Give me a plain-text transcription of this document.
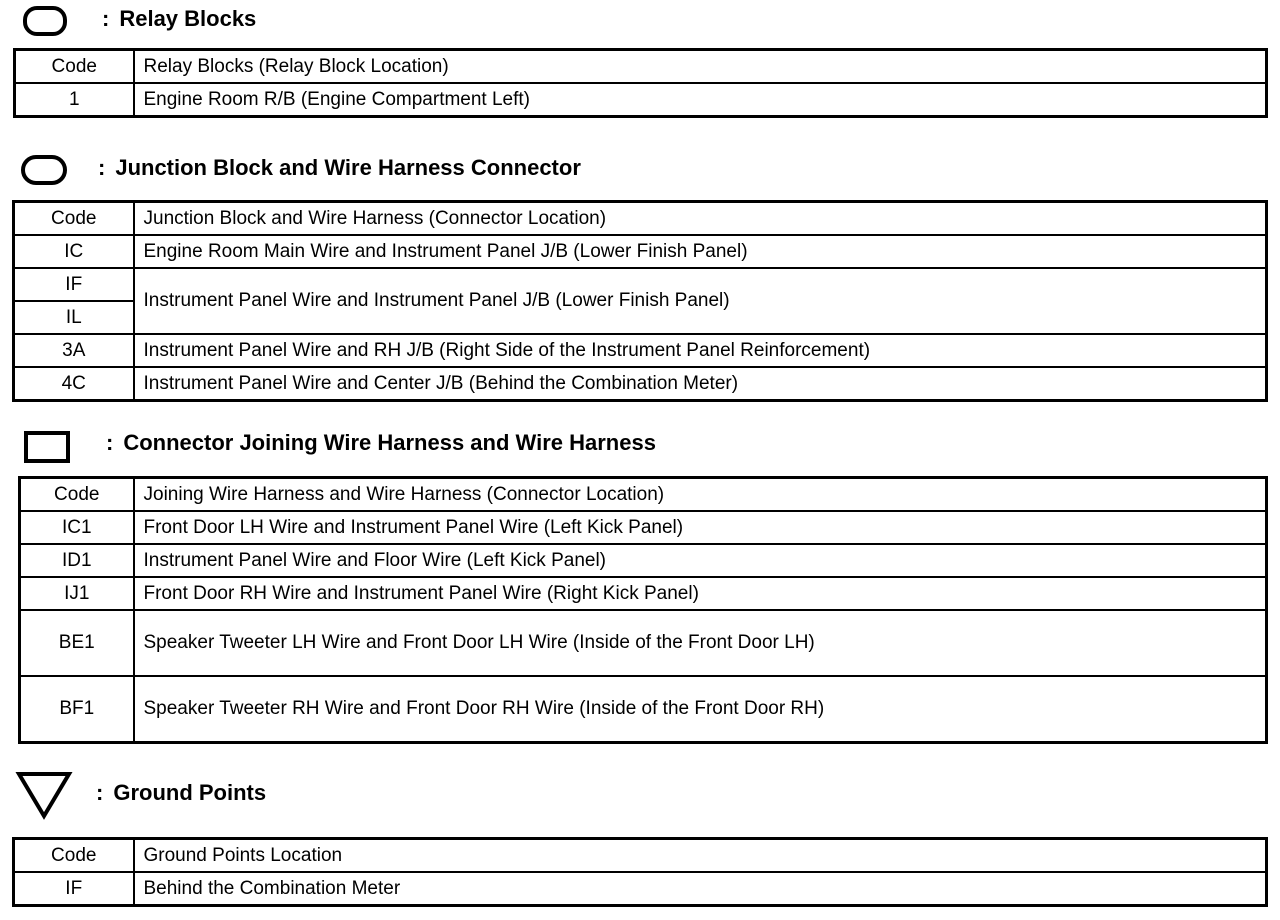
: Relay Blocks
Code	Relay Blocks (Relay Block Location)
1	Engine Room R/B (Engine Compartment Left)
: Junction Block and Wire Harness Connector
Code	Junction Block and Wire Harness (Connector Location)
IC	Engine Room Main Wire and Instrument Panel J/B (Lower Finish Panel)
IF	Instrument Panel Wire and Instrument Panel J/B (Lower Finish Panel)
IL	
3A	Instrument Panel Wire and RH J/B (Right Side of the Instrument Panel Reinforcement)
4C	Instrument Panel Wire and Center J/B (Behind the Combination Meter)
: Connector Joining Wire Harness and Wire Harness
Code	Joining Wire Harness and Wire Harness (Connector Location)
IC1	Front Door LH Wire and Instrument Panel Wire (Left Kick Panel)
ID1	Instrument Panel Wire and Floor Wire (Left Kick Panel)
IJ1	Front Door RH Wire and Instrument Panel Wire (Right Kick Panel)
BE1	Speaker Tweeter LH Wire and Front Door LH Wire (Inside of the Front Door LH)
BF1	Speaker Tweeter RH Wire and Front Door RH Wire (Inside of the Front Door RH)
: Ground Points
Code	Ground Points Location
IF	Behind the Combination Meter
